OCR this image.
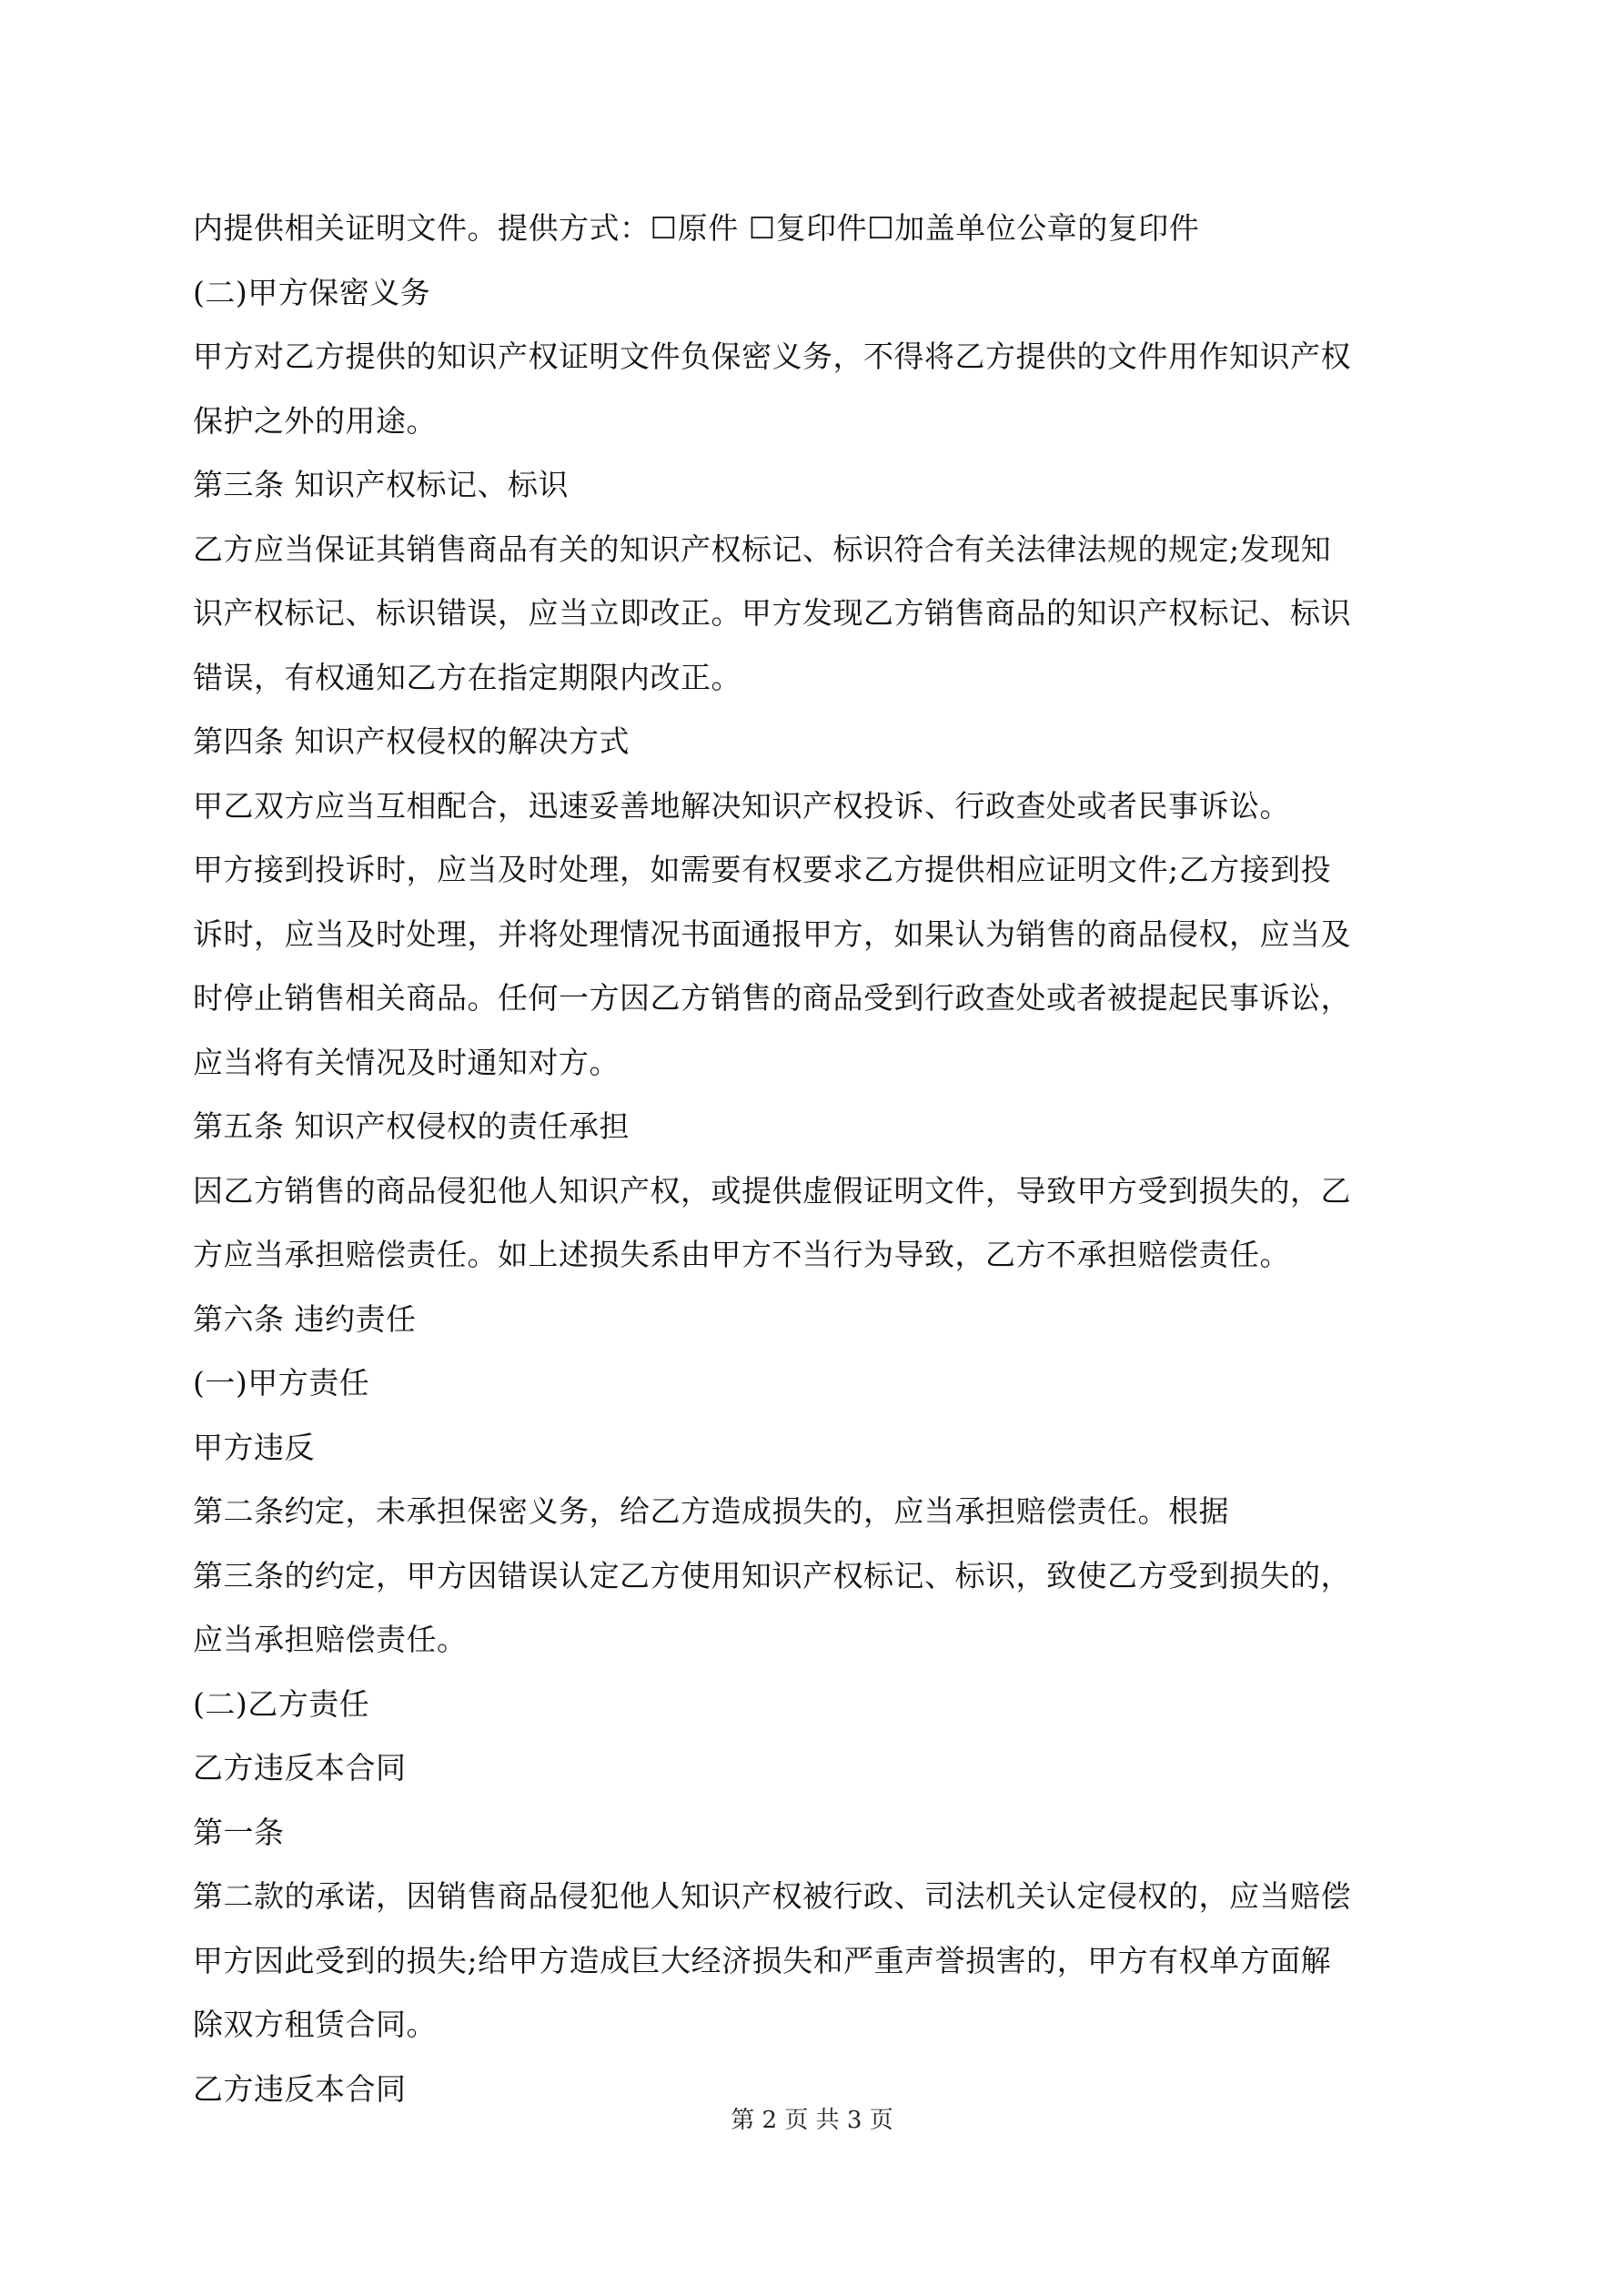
内提供相关证明文件。提供方式：☐原件 ☐复印件☐加盖单位公章的复印件
(二)甲方保密义务
甲方对乙方提供的知识产权证明文件负保密义务，不得将乙方提供的文件用作知识产权
保护之外的用途。
第三条 知识产权标记、标识
乙方应当保证其销售商品有关的知识产权标记、标识符合有关法律法规的规定;发现知
识产权标记、标识错误，应当立即改正。甲方发现乙方销售商品的知识产权标记、标识
错误，有权通知乙方在指定期限内改正。
第四条 知识产权侵权的解决方式
甲乙双方应当互相配合，迅速妥善地解决知识产权投诉、行政查处或者民事诉讼。
甲方接到投诉时，应当及时处理，如需要有权要求乙方提供相应证明文件;乙方接到投
诉时，应当及时处理，并将处理情况书面通报甲方，如果认为销售的商品侵权，应当及
时停止销售相关商品。任何一方因乙方销售的商品受到行政查处或者被提起民事诉讼，
应当将有关情况及时通知对方。
第五条 知识产权侵权的责任承担
因乙方销售的商品侵犯他人知识产权，或提供虚假证明文件，导致甲方受到损失的，乙
方应当承担赔偿责任。如上述损失系由甲方不当行为导致，乙方不承担赔偿责任。
第六条 违约责任
(一)甲方责任
甲方违反
第二条约定，未承担保密义务，给乙方造成损失的，应当承担赔偿责任。根据
第三条的约定，甲方因错误认定乙方使用知识产权标记、标识，致使乙方受到损失的，
应当承担赔偿责任。
(二)乙方责任
乙方违反本合同
第一条
第二款的承诺，因销售商品侵犯他人知识产权被行政、司法机关认定侵权的，应当赔偿
甲方因此受到的损失;给甲方造成巨大经济损失和严重声誉损害的，甲方有权单方面解
除双方租赁合同。
乙方违反本合同
第 2 页 共 3 页
